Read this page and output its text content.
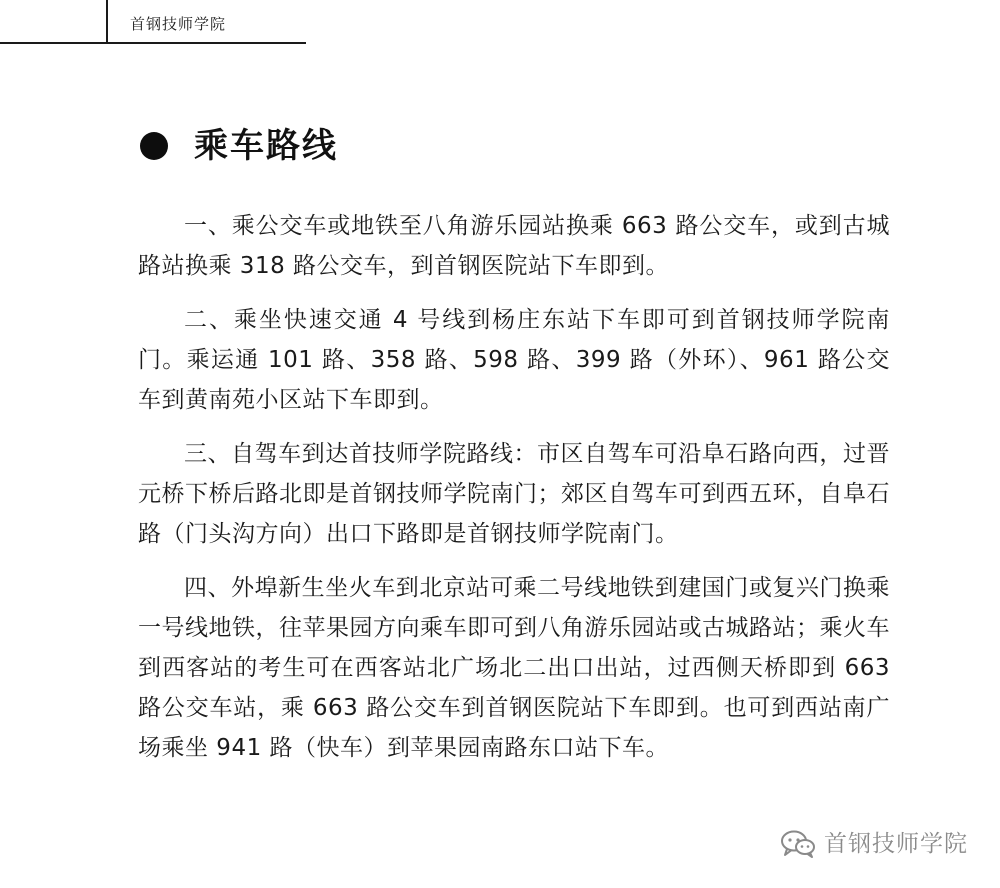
首钢技师学院
乘车路线

一、乘公交车或地铁至八角游乐园站换乘 663 路公交车，或到古城路站换乘 318 路公交车，到首钢医院站下车即到。

二、乘坐快速交通 4 号线到杨庄东站下车即可到首钢技师学院南门。乘运通 101 路、358 路、598 路、399 路（外环）、961 路公交车到黄南苑小区站下车即到。

三、自驾车到达首技师学院路线：市区自驾车可沿阜石路向西，过晋元桥下桥后路北即是首钢技师学院南门；郊区自驾车可到西五环，自阜石路（门头沟方向）出口下路即是首钢技师学院南门。

四、外埠新生坐火车到北京站可乘二号线地铁到建国门或复兴门换乘一号线地铁，往苹果园方向乘车即可到八角游乐园站或古城路站；乘火车到西客站的考生可在西客站北广场北二出口出站，过西侧天桥即到 663 路公交车站，乘 663 路公交车到首钢医院站下车即到。也可到西站南广场乘坐 941 路（快车）到苹果园南路东口站下车。

首钢技师学院
